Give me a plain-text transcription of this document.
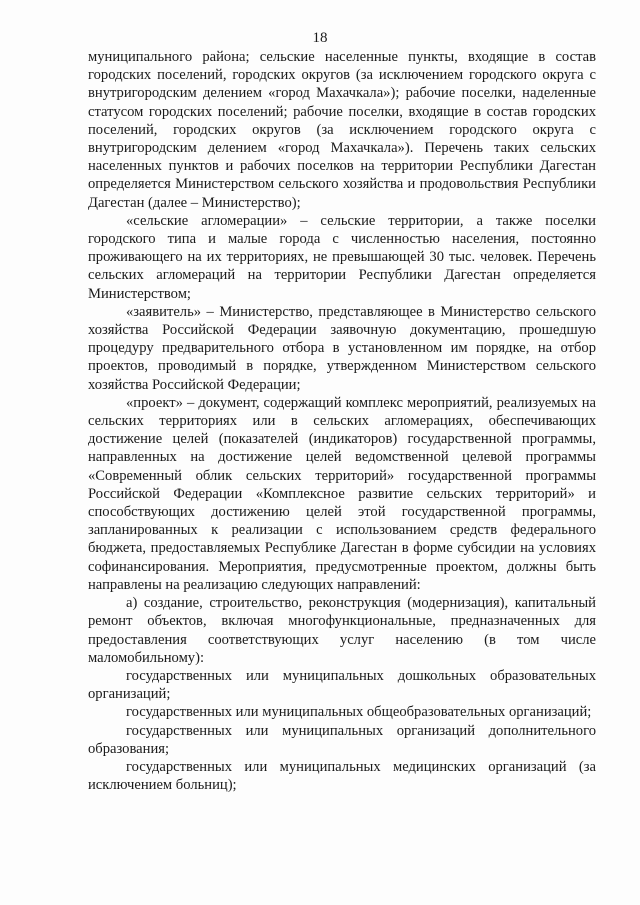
18

муниципального района; сельские населенные пункты, входящие в состав городских поселений, городских округов (за исключением городского округа с внутригородским делением «город Махачкала»); рабочие поселки, наделенные статусом городских поселений; рабочие поселки, входящие в состав городских поселений, городских округов (за исключением городского округа с внутригородским делением «город Махачкала»). Перечень таких сельских населенных пунктов и рабочих поселков на территории Республики Дагестан определяется Министерством сельского хозяйства и продовольствия Республики Дагестан (далее – Министерство);

«сельские агломерации» – сельские территории, а также поселки городского типа и малые города с численностью населения, постоянно проживающего на их территориях, не превышающей 30 тыс. человек. Перечень сельских агломераций на территории Республики Дагестан определяется Министерством;

«заявитель» – Министерство, представляющее в Министерство сельского хозяйства Российской Федерации заявочную документацию, прошедшую процедуру предварительного отбора в установленном им порядке, на отбор проектов, проводимый в порядке, утвержденном Министерством сельского хозяйства Российской Федерации;

«проект» – документ, содержащий комплекс мероприятий, реализуемых на сельских территориях или в сельских агломерациях, обеспечивающих достижение целей (показателей (индикаторов) государственной программы, направленных на достижение целей ведомственной целевой программы «Современный облик сельских территорий» государственной программы Российской Федерации «Комплексное развитие сельских территорий» и способствующих достижению целей этой государственной программы, запланированных к реализации с использованием средств федерального бюджета, предоставляемых Республике Дагестан в форме субсидии на условиях софинансирования. Мероприятия, предусмотренные проектом, должны быть направлены на реализацию следующих направлений:

а) создание, строительство, реконструкция (модернизация), капитальный ремонт объектов, включая многофункциональные, предназначенных для предоставления соответствующих услуг населению (в том числе маломобильному):

государственных или муниципальных дошкольных образовательных организаций;

государственных или муниципальных общеобразовательных организаций;

государственных или муниципальных организаций дополнительного образования;

государственных или муниципальных медицинских организаций (за исключением больниц);
